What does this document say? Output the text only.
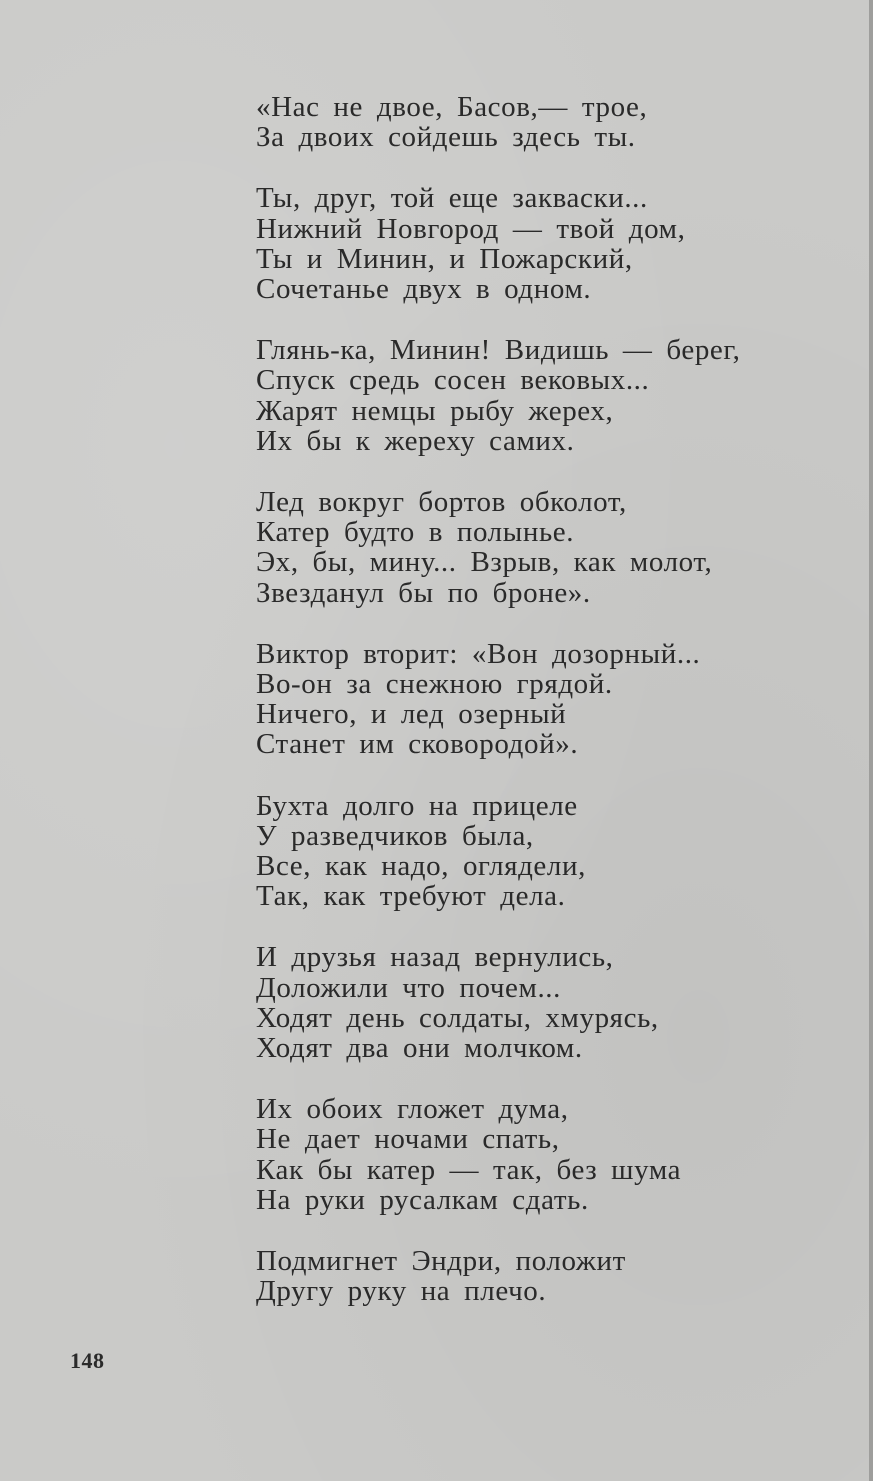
«Нас не двое, Басов,— трое,
За двоих сойдешь здесь ты.
Ты, друг, той еще закваски...
Нижний Новгород — твой дом,
Ты и Минин, и Пожарский,
Сочетанье двух в одном.
Глянь-ка, Минин! Видишь — берег,
Спуск средь сосен вековых...
Жарят немцы рыбу жерех,
Их бы к жереху самих.
Лед вокруг бортов обколот,
Катер будто в полынье.
Эх, бы, мину... Взрыв, как молот,
Звезданул бы по броне».
Виктор вторит: «Вон дозорный...
Во-он за снежною грядой.
Ничего, и лед озерный
Станет им сковородой».
Бухта долго на прицеле
У разведчиков была,
Все, как надо, оглядели,
Так, как требуют дела.
И друзья назад вернулись,
Доложили что почем...
Ходят день солдаты, хмурясь,
Ходят два они молчком.
Их обоих гложет дума,
Не дает ночами спать,
Как бы катер — так, без шума
На руки русалкам сдать.
Подмигнет Эндри, положит
Другу руку на плечо.
148
